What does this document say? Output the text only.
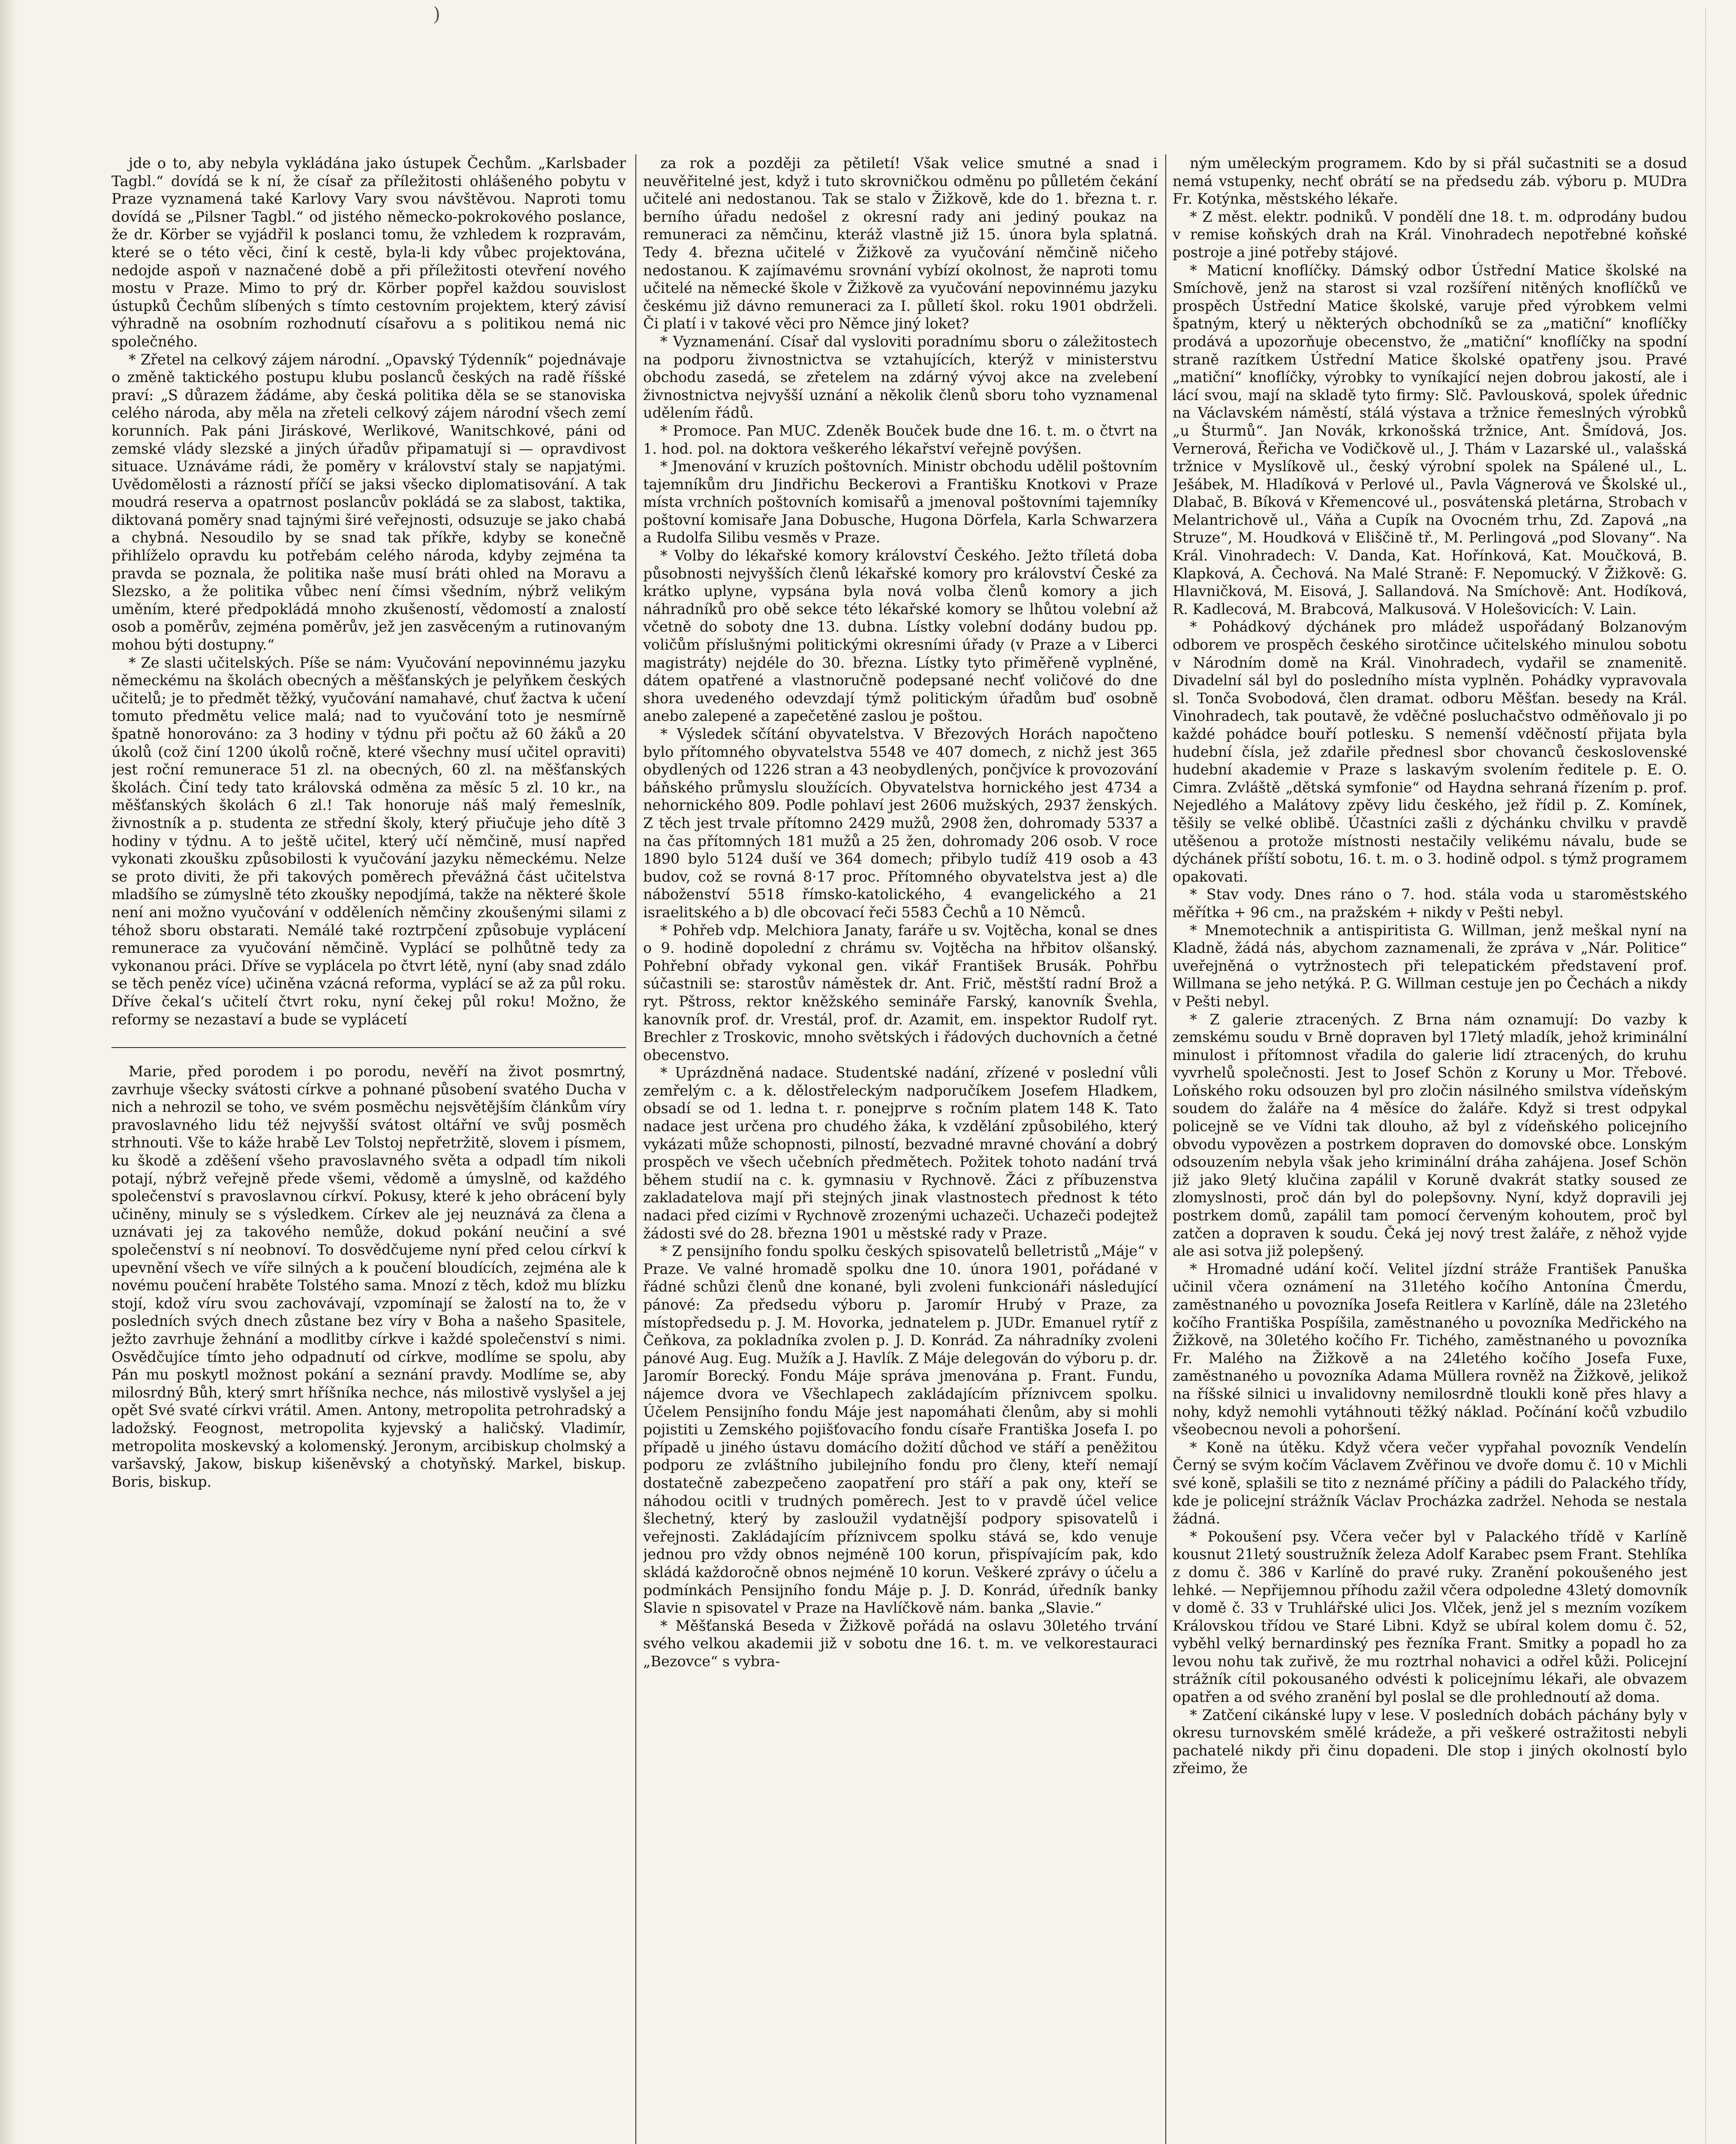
)

jde o to, aby nebyla vykládána jako ústupek Čechům. „Karlsbader Tagbl.“ dovídá se k ní, že císař za příležitosti ohlášeného pobytu v Praze vyznamená také Karlovy Vary svou návštěvou. Naproti tomu dovídá se „Pilsner Tagbl.“ od jistého německo-pokrokového poslance, že dr. Körber se vyjádřil k poslanci tomu, že vzhledem k rozpravám, které se o této věci, činí k cestě, byla-li kdy vůbec projektována, nedojde aspoň v naznačené době a při příležitosti otevření nového mostu v Praze. Mimo to prý dr. Körber popřel každou souvislost ústupků Čechům slíbených s tímto cestovním projektem, který závisí výhradně na osobním rozhodnutí císařovu a s politikou nemá nic společného.

* Zřetel na celkový zájem národní. „Opavský Týdenník“ pojednávaje o změně taktického postupu klubu poslanců českých na radě říšské praví: „S důrazem žádáme, aby česká politika děla se se stanoviska celého národa, aby měla na zřeteli celkový zájem národní všech zemí korunních. Pak páni Jiráskové, Werlikové, Wanitschkové, páni od zemské vlády slezské a jiných úřadův připamatují si — opravdivost situace. Uznáváme rádi, že poměry v království staly se napjatými. Uvědomělosti a rázností příčí se jaksi všecko diplomatisování. A tak moudrá reserva a opatrnost poslancův pokládá se za slabost, taktika, diktovaná poměry snad tajnými širé veřejnosti, odsuzuje se jako chabá a chybná. Nesoudilo by se snad tak příkře, kdyby se konečně přihlíželo opravdu ku potřebám celého národa, kdyby zejména ta pravda se poznala, že politika naše musí bráti ohled na Moravu a Slezsko, a že politika vůbec není čímsi všedním, nýbrž velikým uměním, které předpokládá mnoho zkušeností, vědomostí a znalostí osob a poměrův, zejména poměrův, jež jen zasvěceným a rutinovaným mohou býti dostupny.“

* Ze slasti učitelských. Píše se nám: Vyučování nepovinnému jazyku německému na školách obecných a měšťanských je pelyňkem českých učitelů; je to předmět těžký, vyučování namahavé, chuť žactva k učení tomuto předmětu velice malá; nad to vyučování toto je nesmírně špatně honorováno: za 3 hodiny v týdnu při počtu až 60 žáků a 20 úkolů (což činí 1200 úkolů ročně, které všechny musí učitel opraviti) jest roční remunerace 51 zl. na obecných, 60 zl. na měšťanských školách. Činí tedy tato královská odměna za měsíc 5 zl. 10 kr., na měšťanských školách 6 zl.! Tak honoruje náš malý řemeslník, živnostník a p. studenta ze střední školy, který přiučuje jeho dítě 3 hodiny v týdnu. A to ještě učitel, který učí němčině, musí napřed vykonati zkoušku způsobilosti k vyučování jazyku německému. Nelze se proto diviti, že při takových poměrech převážná část učitelstva mladšího se zúmyslně této zkoušky nepodjímá, takže na některé škole není ani možno vyučování v odděleních němčiny zkoušenými silami z téhož sboru obstarati. Nemálé také roztrpčení způsobuje vyplácení remunerace za vyučování němčině. Vyplácí se polhůtně tedy za vykonanou práci. Dříve se vyplácela po čtvrt létě, nyní (aby snad zdálo se těch peněz více) učiněna vzácná reforma, vyplácí se až za půl roku. Dříve čekal‘s učitelí čtvrt roku, nyní čekej půl roku! Možno, že reformy se nezastaví a bude se vyplácetí

Marie, před porodem i po porodu, nevěří na život posmrtný, zavrhuje všecky svátosti církve a pohnané působení svatého Ducha v nich a nehrozil se toho, ve svém posměchu nejsvětějším článkům víry pravoslavného lidu též nejvyšší svátost oltářní ve svůj posměch strhnouti. Vše to káže hrabě Lev Tolstoj nepřetržitě, slovem i písmem, ku škodě a zděšení všeho pravoslavného světa a odpadl tím nikoli potají, nýbrž veřejně přede všemi, vědomě a úmyslně, od každého společenství s pravoslavnou církví. Pokusy, které k jeho obrácení byly učiněny, minuly se s výsledkem. Církev ale jej neuznává za člena a uznávati jej za takového nemůže, dokud pokání neučiní a své společenství s ní neobnoví. To dosvědčujeme nyní před celou církví k upevnění všech ve víře silných a k poučení bloudících, zejména ale k novému poučení hraběte Tolstého sama. Mnozí z těch, kdož mu blízku stojí, kdož víru svou zachovávají, vzpomínají se žalostí na to, že v posledních svých dnech zůstane bez víry v Boha a našeho Spasitele, ježto zavrhuje žehnání a modlitby církve i každé společenství s nimi. Osvědčujíce tímto jeho odpadnutí od církve, modlíme se spolu, aby Pán mu poskytl možnost pokání a seznání pravdy. Modlíme se, aby milosrdný Bůh, který smrt hříšníka nechce, nás milostivě vyslyšel a jej opět Své svaté církvi vrátil. Amen. Antony, metropolita petrohradský a ladožský. Feognost, metropolita kyjevský a haličský. Vladimír, metropolita moskevský a kolomenský. Jeronym, arcibiskup cholmský a varšavský, Jakow, biskup kišeněvský a chotyňský. Markel, biskup. Boris, biskup.

za rok a později za pětiletí! Však velice smutné a snad i neuvěřitelné jest, když i tuto skrovničkou odměnu po půlletém čekání učitelé ani nedostanou. Tak se stalo v Žižkově, kde do 1. března t. r. berního úřadu nedošel z okresní rady ani jediný poukaz na remuneraci za němčinu, kteráž vlastně již 15. února byla splatná. Tedy 4. března učitelé v Žižkově za vyučování němčině ničeho nedostanou. K zajímavému srovnání vybízí okolnost, že naproti tomu učitelé na německé škole v Žižkově za vyučování nepovinnému jazyku českému již dávno remuneraci za I. půlletí škol. roku 1901 obdrželi. Či platí i v takové věci pro Němce jiný loket?

* Vyznamenání. Císař dal vysloviti poradnímu sboru o záležitostech na podporu živnostnictva se vztahujících, kterýž v ministerstvu obchodu zasedá, se zřetelem na zdárný vývoj akce na zvelebení živnostnictva nejvyšší uznání a několik členů sboru toho vyznamenal udělením řádů.

* Promoce. Pan MUC. Zdeněk Bouček bude dne 16. t. m. o čtvrt na 1. hod. pol. na doktora veškerého lékařství veřejně povýšen.

* Jmenování v kruzích poštovních. Ministr obchodu udělil poštovním tajemníkům dru Jindřichu Beckerovi a Františku Knotkovi v Praze místa vrchních poštovních komisařů a jmenoval poštovními tajemníky poštovní komisaře Jana Dobusche, Hugona Dörfela, Karla Schwarzera a Rudolfa Silibu vesměs v Praze.

* Volby do lékařské komory království Českého. Ježto tříletá doba působnosti nejvyšších členů lékařské komory pro království České za krátko uplyne, vypsána byla nová volba členů komory a jich náhradníků pro obě sekce této lékařské komory se lhůtou volební až včetně do soboty dne 13. dubna. Lístky volební dodány budou pp. voličům příslušnými politickými okresními úřady (v Praze a v Liberci magistráty) nejdéle do 30. března. Lístky tyto přiměřeně vyplněné, dátem opatřené a vlastnoručně podepsané nechť voličové do dne shora uvedeného odevzdají týmž politickým úřadům buď osobně anebo zalepené a zapečetěné zaslou je poštou.

* Výsledek sčítání obyvatelstva. V Březových Horách napočteno bylo přítomného obyvatelstva 5548 ve 407 domech, z nichž jest 365 obydlených od 1226 stran a 43 neobydlených, pončjvíce k provozování báňského průmyslu sloužících. Obyvatelstva hornického jest 4734 a nehornického 809. Podle pohlaví jest 2606 mužských, 2937 ženských. Z těch jest trvale přítomno 2429 mužů, 2908 žen, dohromady 5337 a na čas přítomných 181 mužů a 25 žen, dohromady 206 osob. V roce 1890 bylo 5124 duší ve 364 domech; přibylo tudíž 419 osob a 43 budov, což se rovná 8·17 proc. Přítomného obyvatelstva jest a) dle náboženství 5518 římsko-katolického, 4 evangelického a 21 israelitského a b) dle obcovací řeči 5583 Čechů a 10 Němců.

* Pohřeb vdp. Melchiora Janaty, faráře u sv. Vojtěcha, konal se dnes o 9. hodině dopolední z chrámu sv. Vojtěcha na hřbitov olšanský. Pohřební obřady vykonal gen. vikář František Brusák. Pohřbu súčastnili se: starostův náměstek dr. Ant. Frič, městští radní Brož a ryt. Pštross, rektor kněžského semináře Farský, kanovník Švehla, kanovník prof. dr. Vrestál, prof. dr. Azamit, em. inspektor Rudolf ryt. Brechler z Troskovic, mnoho světských i řádových duchovních a četné obecenstvo.

* Uprázdněná nadace. Studentské nadání, zřízené v poslední vůli zemřelým c. a k. dělostřeleckým nadporučíkem Josefem Hladkem, obsadí se od 1. ledna t. r. ponejprve s ročním platem 148 K. Tato nadace jest určena pro chudého žáka, k vzdělání způsobilého, který vykázati může schopnosti, pilností, bezvadné mravné chování a dobrý prospěch ve všech učebních předmětech. Požitek tohoto nadání trvá během studií na c. k. gymnasiu v Rychnově. Žáci z příbuzenstva zakladatelova mají při stejných jinak vlastnostech přednost k této nadaci před cizími v Rychnově zrozenými uchazeči. Uchazeči podejtež žádosti své do 28. března 1901 u městské rady v Praze.

* Z pensijního fondu spolku českých spisovatelů belletristů „Máje“ v Praze. Ve valné hromadě spolku dne 10. února 1901, pořádané v řádné schůzi členů dne konané, byli zvoleni funkcionáři následující pánové: Za předsedu výboru p. Jaromír Hrubý v Praze, za místopředsedu p. J. M. Hovorka, jednatelem p. JUDr. Emanuel rytíř z Čeňkova, za pokladníka zvolen p. J. D. Konrád. Za náhradníky zvoleni pánové Aug. Eug. Mužík a J. Havlík. Z Máje delegován do výboru p. dr. Jaromír Borecký. Fondu Máje správa jmenována p. Frant. Fundu, nájemce dvora ve Všechlapech zakládajícím příznivcem spolku. Účelem Pensijního fondu Máje jest napomáhati členům, aby si mohli pojistiti u Zemského pojišťovacího fondu císaře Františka Josefa I. po případě u jiného ústavu domácího dožití důchod ve stáří a peněžitou podporu ze zvláštního jubilejního fondu pro členy, kteří nemají dostatečně zabezpečeno zaopatření pro stáří a pak ony, kteří se náhodou ocitli v trudných poměrech. Jest to v pravdě účel velice šlechetný, který by zasloužil vydatnější podpory spisovatelů i veřejnosti. Zakládajícím příznivcem spolku stává se, kdo venuje jednou pro vždy obnos nejméně 100 korun, přispívajícím pak, kdo skládá každoročně obnos nejméně 10 korun. Veškeré zprávy o účelu a podmínkách Pensijního fondu Máje p. J. D. Konrád, úředník banky Slavie n spisovatel v Praze na Havlíčkově nám. banka „Slavie.“

* Měšťanská Beseda v Žižkově pořádá na oslavu 30letého trvání svého velkou akademii již v sobotu dne 16. t. m. ve velkorestauraci „Bezovce“ s vybra-

ným uměleckým programem. Kdo by si přál sučastniti se a dosud nemá vstupenky, nechť obrátí se na předsedu záb. výboru p. MUDra Fr. Kotýnka, městského lékaře.

* Z měst. elektr. podniků. V pondělí dne 18. t. m. odprodány budou v remise koňských drah na Král. Vinohradech nepotřebné koňské postroje a jiné potřeby stájové.

* Maticní knoflíčky. Dámský odbor Ústřední Matice školské na Smíchově, jenž na starost si vzal rozšíření nitěných knoflíčků ve prospěch Ústřední Matice školské, varuje před výrobkem velmi špatným, který u některých obchodníků se za „matiční“ knoflíčky prodává a upozorňuje obecenstvo, že „matiční“ knoflíčky na spodní straně razítkem Ústřední Matice školské opatřeny jsou. Pravé „matiční“ knoflíčky, výrobky to vyníkající nejen dobrou jakostí, ale i lácí svou, mají na skladě tyto firmy: Slč. Pavlousková, spolek úřednic na Václavském náměstí, stálá výstava a tržnice řemeslných výrobků „u Šturmů“. Jan Novák, krkonošská tržnice, Ant. Šmídová, Jos. Vernerová, Řeřicha ve Vodičkově ul., J. Thám v Lazarské ul., valašská tržnice v Myslíkově ul., český výrobní spolek na Spálené ul., L. Ješábek, M. Hladíková v Perlové ul., Pavla Vágnerová ve Školské ul., Dlabač, B. Bíková v Křemencové ul., posvátenská pletárna, Strobach v Melantrichově ul., Váňa a Cupík na Ovocném trhu, Zd. Zapová „na Struze“, M. Houdková v Eliščině tř., M. Perlingová „pod Slovany“. Na Král. Vinohradech: V. Danda, Kat. Hořínková, Kat. Moučková, B. Klapková, A. Čechová. Na Malé Straně: F. Nepomucký. V Žižkově: G. Hlavničková, M. Eisová, J. Sallandová. Na Smíchově: Ant. Hodíková, R. Kadlecová, M. Brabcová, Malkusová. V Holešovicích: V. Lain.

* Pohádkový dýchánek pro mládež uspořádaný Bolzanovým odborem ve prospěch českého sirotčince učitelského minulou sobotu v Národním domě na Král. Vinohradech, vydařil se znamenitě. Divadelní sál byl do posledního místa vyplněn. Pohádky vypravovala sl. Tonča Svobodová, člen dramat. odboru Měšťan. besedy na Král. Vinohradech, tak poutavě, že vděčné posluchačstvo odměňovalo ji po každé pohádce bouří potlesku. S nemenší vděčností přijata byla hudební čísla, jež zdařile přednesl sbor chovanců československé hudební akademie v Praze s laskavým svolením ředitele p. E. O. Cimra. Zvláště „dětská symfonie“ od Haydna sehraná řízením p. prof. Nejedlého a Malátovy zpěvy lidu českého, jež řídil p. Z. Komínek, těšily se velké oblibě. Účastníci zašli z dýchánku chvilku v pravdě utěšenou a protože místnosti nestačily velikému návalu, bude se dýchánek příští sobotu, 16. t. m. o 3. hodině odpol. s týmž programem opakovati.

* Stav vody. Dnes ráno o 7. hod. stála voda u staroměstského měřítka + 96 cm., na pražském + nikdy v Pešti nebyl.

* Mnemotechnik a antispiritista G. Willman, jenž meškal nyní na Kladně, žádá nás, abychom zaznamenali, že zpráva v „Nár. Politice“ uveřejněná o vytržnostech při telepatickém představení prof. Willmana se jeho netýká. P. G. Willman cestuje jen po Čechách a nikdy v Pešti nebyl.

* Z galerie ztracených. Z Brna nám oznamují: Do vazby k zemskému soudu v Brně dopraven byl 17letý mladík, jehož kriminální minulost i přítomnost vřadila do galerie lidí ztracených, do kruhu vyvrhelů společnosti. Jest to Josef Schön z Koruny u Mor. Třebové. Loňského roku odsouzen byl pro zločin násilného smilstva vídeňským soudem do žaláře na 4 měsíce do žaláře. Když si trest odpykal policejně se ve Vídni tak dlouho, až byl z vídeňského policejního obvodu vypovězen a postrkem dopraven do domovské obce. Lonským odsouzením nebyla však jeho kriminální dráha zahájena. Josef Schön již jako 9letý klučina zapálil v Koruně dvakrát statky soused ze zlomyslnosti, proč dán byl do polepšovny. Nyní, když dopravili jej postrkem domů, zapálil tam pomocí červeným kohoutem, proč byl zatčen a dopraven k soudu. Čeká jej nový trest žaláře, z něhož vyjde ale asi sotva již polepšený.

* Hromadné udání kočí. Velitel jízdní stráže František Panuška učinil včera oznámení na 31letého kočího Antonína Čmerdu, zaměstnaného u povozníka Josefa Reitlera v Karlíně, dále na 23letého kočího Františka Pospíšila, zaměstnaného u povozníka Medřického na Žižkově, na 30letého kočího Fr. Tichého, zaměstnaného u povozníka Fr. Malého na Žižkově a na 24letého kočího Josefa Fuxe, zaměstnaného u povozníka Adama Müllera rovněž na Žižkově, jelikož na říšské silnici u invalidovny nemilosrdně tloukli koně přes hlavy a nohy, když nemohli vytáhnouti těžký náklad. Počínání kočů vzbudilo všeobecnou nevoli a pohoršení.

* Koně na útěku. Když včera večer vypřahal povozník Vendelín Černý se svým kočím Václavem Zvěřinou ve dvoře domu č. 10 v Michli své koně, splašili se tito z neznámé příčiny a pádili do Palackého třídy, kde je policejní strážník Václav Procházka zadržel. Nehoda se nestala žádná.

* Pokoušení psy. Včera večer byl v Palackého třídě v Karlíně kousnut 21letý soustružník železa Adolf Karabec psem Frant. Stehlíka z domu č. 386 v Karlíně do pravé ruky. Zranění pokoušeného jest lehké. — Nepřijemnou příhodu zažil včera odpoledne 43letý domovník v domě č. 33 v Truhlářské ulici Jos. Vlček, jenž jel s mezním vozíkem Královskou třídou ve Staré Libni. Když se ubíral kolem domu č. 52, vyběhl velký bernardinský pes řezníka Frant. Smitky a popadl ho za levou nohu tak zuřivě, že mu roztrhal nohavici a odřel kůži. Policejní strážník cítil pokousaného odvésti k policejnímu lékaři, ale obvazem opatřen a od svého zranění byl poslal se dle prohlednoutí až doma.

* Zatčení cikánské lupy v lese. V posledních dobách páchány byly v okresu turnovském smělé krádeže, a při veškeré ostražitosti nebyli pachatelé nikdy při činu dopadeni. Dle stop i jiných okolností bylo zřeimo, že
